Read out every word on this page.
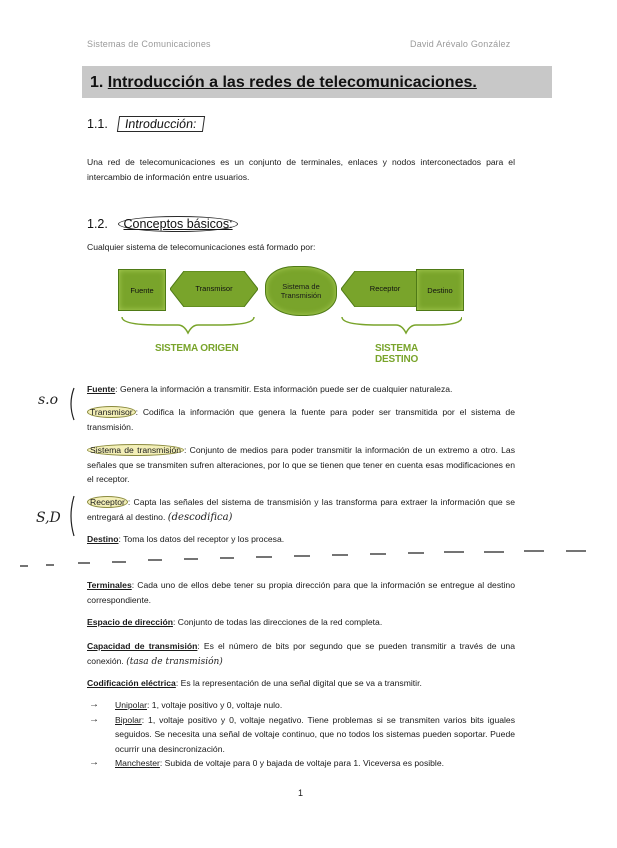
Sistemas de Comunicaciones	David Arévalo González
1. Introducción a las redes de telecomunicaciones.
1.1. Introducción:
Una red de telecomunicaciones es un conjunto de terminales, enlaces y nodos interconectados para el intercambio de información entre usuarios.
1.2. Conceptos básicos:
Cualquier sistema de telecomunicaciones está formado por:
Fuente	Transmisor	Sistema de Transmisión
Receptor	Destino
SISTEMA ORIGEN	SISTEMA DESTINO
s.o
S,D
Fuente: Genera la información a transmitir. Esta información puede ser de cualquier naturaleza.
Transmisor : Codifica la información que genera la fuente para poder ser transmitida por el sistema de transmisión.
Sistema de transmisión : Conjunto de medios para poder transmitir la información de un extremo a otro. Las señales que se transmiten sufren alteraciones, por lo que se tienen que tener en cuenta esas modificaciones en el receptor.
Receptor : Capta las señales del sistema de transmisión y las transforma para extraer la información que se entregará al destino. (descodifica)
Destino: Toma los datos del receptor y los procesa.
Terminales: Cada uno de ellos debe tener su propia dirección para que la información se entregue al destino correspondiente.
Espacio de dirección: Conjunto de todas las direcciones de la red completa.
Capacidad de transmisión: Es el número de bits por segundo que se pueden transmitir a través de una conexión. (tasa de transmisión)
Codificación eléctrica: Es la representación de una señal digital que se va a transmitir.
→ Unipolar: 1, voltaje positivo y 0, voltaje nulo.
→ Bipolar: 1, voltaje positivo y 0, voltaje negativo. Tiene problemas si se transmiten varios bits iguales seguidos. Se necesita una señal de voltaje continuo, que no todos los sistemas pueden soportar. Puede ocurrir una desincronización.
→ Manchester: Subida de voltaje para 0 y bajada de voltaje para 1. Viceversa es posible.
1
